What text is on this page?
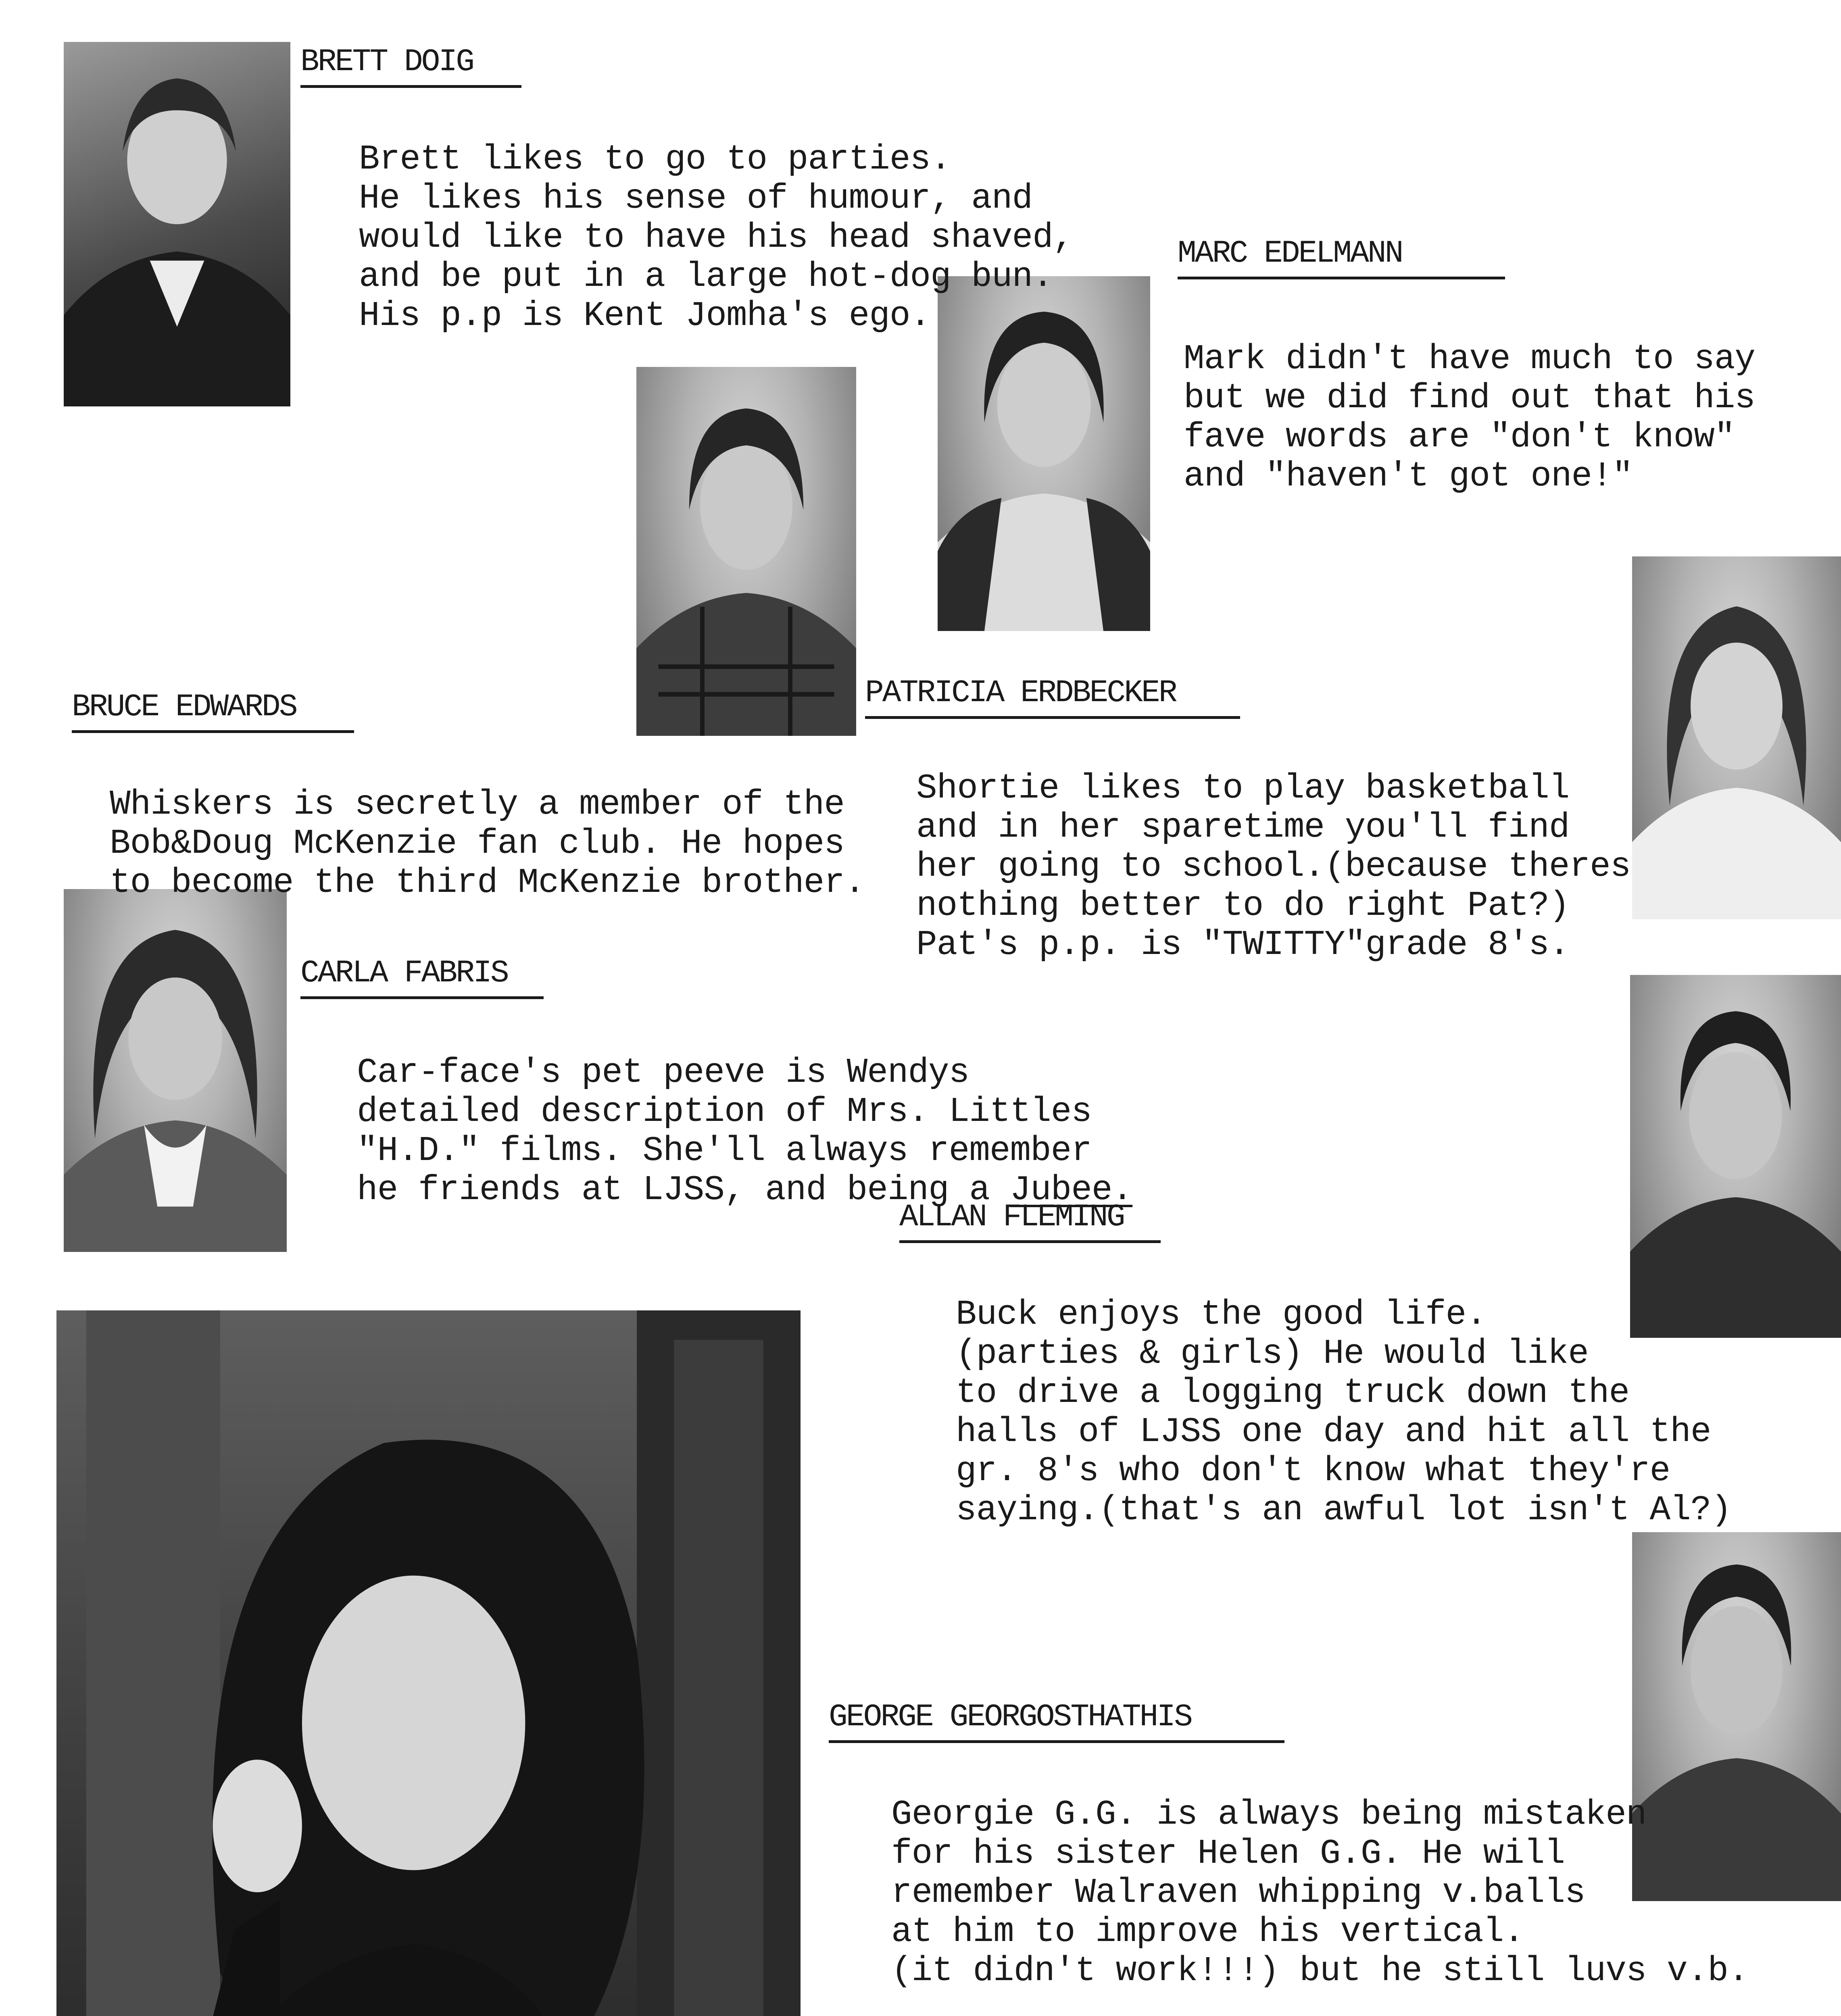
BRETT DOIG

Brett likes to go to parties.
He likes his sense of humour, and
would like to have his head shaved,
and be put in a large hot-dog bun.
His p.p is Kent Jomha's ego.
MARC EDELMANN

Mark didn't have much to say
but we did find out that his
fave words are "don't know"
and "haven't got one!"
BRUCE EDWARDS

Whiskers is secretly a member of the
Bob&Doug McKenzie fan club. He hopes
to become the third McKenzie brother.
PATRICIA ERDBECKER

Shortie likes to play basketball
and in her sparetime you'll find
her going to school.(because theres
nothing better to do right Pat?)
Pat's p.p. is "TWITTY"grade 8's.
CARLA FABRIS

Car-face's pet peeve is Wendys
detailed description of Mrs. Littles
"H.D." films. She'll always remember
he friends at LJSS, and being a Jubee.
ALLAN FLEMING

Buck enjoys the good life.
(parties & girls) He would like
to drive a logging truck down the
halls of LJSS one day and hit all the
gr. 8's who don't know what they're
saying.(that's an awful lot isn't Al?)
GEORGE GEORGOSTHATHIS

Georgie G.G. is always being mistaken
for his sister Helen G.G. He will
remember Walraven whipping v.balls
at him to improve his vertical.
(it didn't work!!!) but he still luvs v.b.
